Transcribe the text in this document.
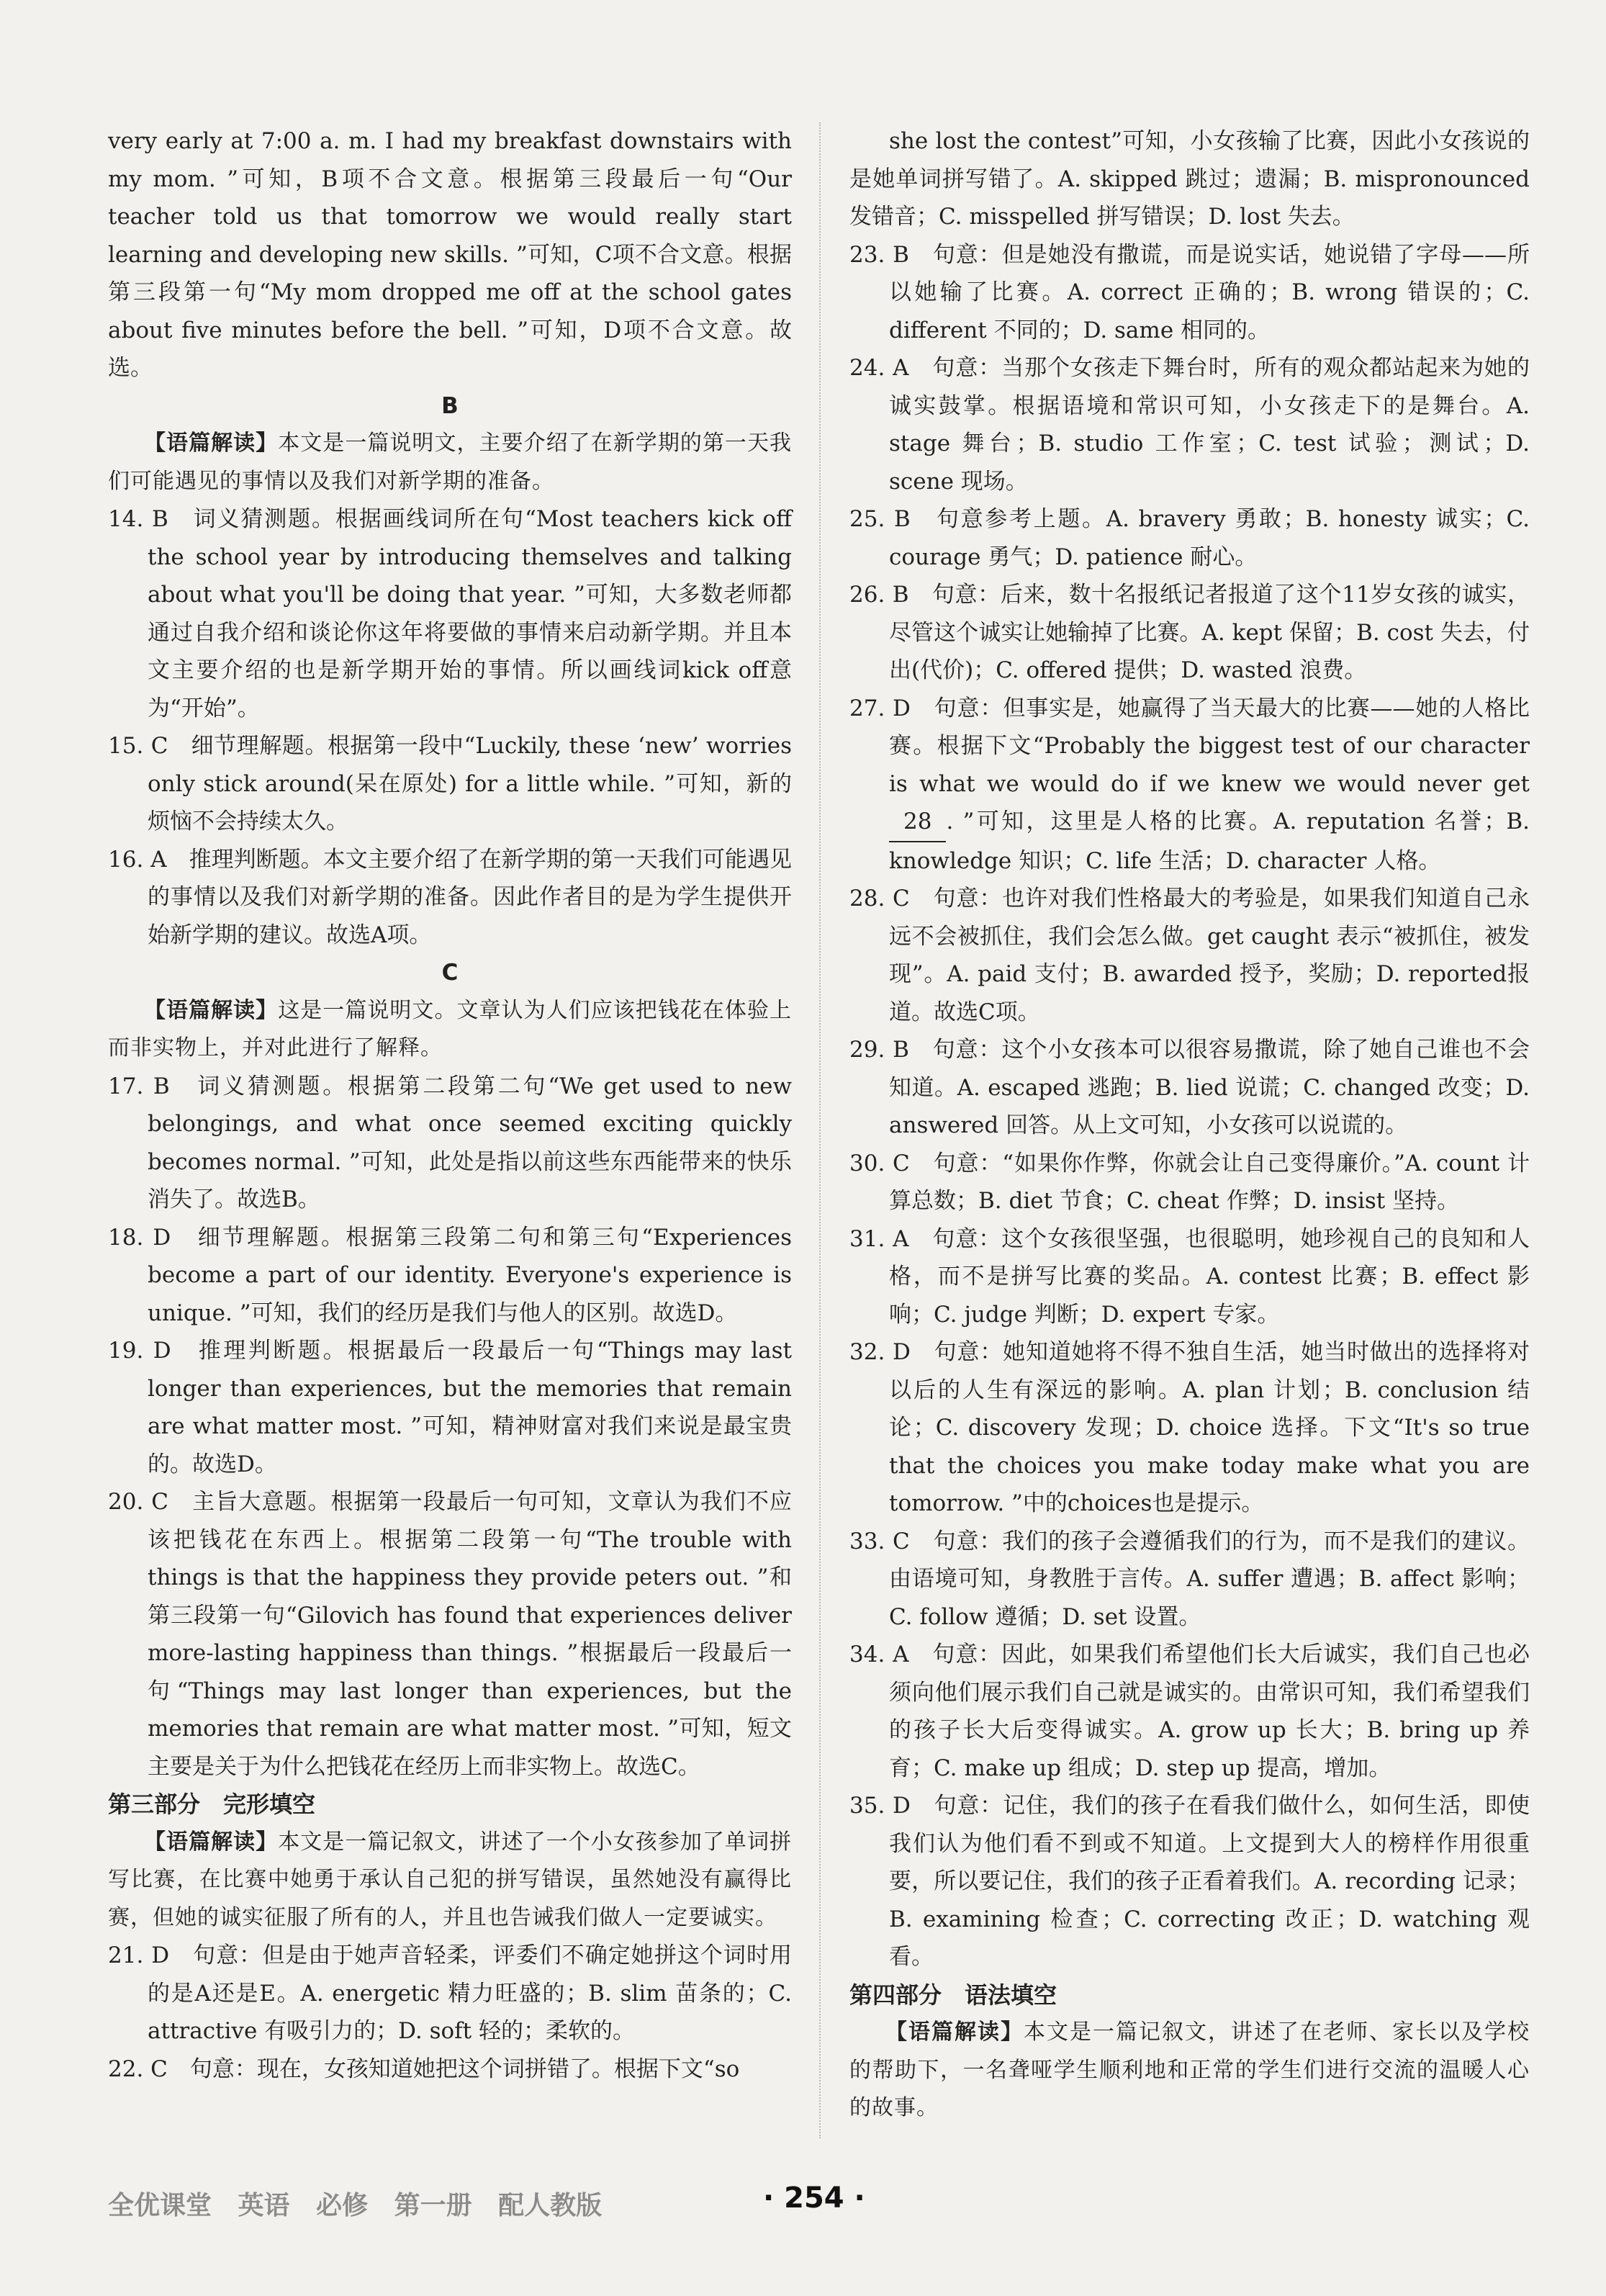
very early at 7:00 a. m. I had my breakfast downstairs with my mom. ”可知，B项不合文意。根据第三段最后一句“Our teacher told us that tomorrow we would really start learning and developing new skills. ”可知，C项不合文意。根据第三段第一句“My mom dropped me off at the school gates about five minutes before the bell. ”可知，D项不合文意。故选。

B

【语篇解读】本文是一篇说明文，主要介绍了在新学期的第一天我们可能遇见的事情以及我们对新学期的准备。

14. B　词义猜测题。根据画线词所在句“Most teachers kick off the school year by introducing themselves and talking about what you'll be doing that year. ”可知，大多数老师都通过自我介绍和谈论你这年将要做的事情来启动新学期。并且本文主要介绍的也是新学期开始的事情。所以画线词kick off意为“开始”。

15. C　细节理解题。根据第一段中“Luckily, these ‘new’ worries only stick around(呆在原处) for a little while. ”可知，新的烦恼不会持续太久。

16. A　推理判断题。本文主要介绍了在新学期的第一天我们可能遇见的事情以及我们对新学期的准备。因此作者目的是为学生提供开始新学期的建议。故选A项。

C

【语篇解读】这是一篇说明文。文章认为人们应该把钱花在体验上而非实物上，并对此进行了解释。

17. B　词义猜测题。根据第二段第二句“We get used to new belongings, and what once seemed exciting quickly becomes normal. ”可知，此处是指以前这些东西能带来的快乐消失了。故选B。

18. D　细节理解题。根据第三段第二句和第三句“Experiences become a part of our identity. Everyone's experience is unique. ”可知，我们的经历是我们与他人的区别。故选D。

19. D　推理判断题。根据最后一段最后一句“Things may last longer than experiences, but the memories that remain are what matter most. ”可知，精神财富对我们来说是最宝贵的。故选D。

20. C　主旨大意题。根据第一段最后一句可知，文章认为我们不应该把钱花在东西上。根据第二段第一句“The trouble with things is that the happiness they provide peters out. ”和第三段第一句“Gilovich has found that experiences deliver more-lasting happiness than things. ”根据最后一段最后一句“Things may last longer than experiences, but the memories that remain are what matter most. ”可知，短文主要是关于为什么把钱花在经历上而非实物上。故选C。

第三部分　完形填空

【语篇解读】本文是一篇记叙文，讲述了一个小女孩参加了单词拼写比赛，在比赛中她勇于承认自己犯的拼写错误，虽然她没有赢得比赛，但她的诚实征服了所有的人，并且也告诫我们做人一定要诚实。

21. D　句意：但是由于她声音轻柔，评委们不确定她拼这个词时用的是A还是E。A. energetic 精力旺盛的；B. slim 苗条的；C. attractive 有吸引力的；D. soft 轻的；柔软的。

22. C　句意：现在，女孩知道她把这个词拼错了。根据下文“so

she lost the contest”可知，小女孩输了比赛，因此小女孩说的是她单词拼写错了。A. skipped 跳过；遗漏；B. mispronounced 发错音；C. misspelled 拼写错误；D. lost 失去。

23. B　句意：但是她没有撒谎，而是说实话，她说错了字母——所以她输了比赛。A. correct 正确的；B. wrong 错误的；C. different 不同的；D. same 相同的。

24. A　句意：当那个女孩走下舞台时，所有的观众都站起来为她的诚实鼓掌。根据语境和常识可知，小女孩走下的是舞台。A. stage 舞台；B. studio 工作室；C. test 试验；测试；D. scene 现场。

25. B　句意参考上题。A. bravery 勇敢；B. honesty 诚实；C. courage 勇气；D. patience 耐心。

26. B　句意：后来，数十名报纸记者报道了这个11岁女孩的诚实，尽管这个诚实让她输掉了比赛。A. kept 保留；B. cost 失去，付出(代价)；C. offered 提供；D. wasted 浪费。

27. D　句意：但事实是，她赢得了当天最大的比赛——她的人格比赛。根据下文“Probably the biggest test of our character is what we would do if we knew we would never get 28 . ”可知，这里是人格的比赛。A. reputation 名誉；B. knowledge 知识；C. life 生活；D. character 人格。

28. C　句意：也许对我们性格最大的考验是，如果我们知道自己永远不会被抓住，我们会怎么做。get caught 表示“被抓住，被发现”。A. paid 支付；B. awarded 授予，奖励；D. reported报道。故选C项。

29. B　句意：这个小女孩本可以很容易撒谎，除了她自己谁也不会知道。A. escaped 逃跑；B. lied 说谎；C. changed 改变；D. answered 回答。从上文可知，小女孩可以说谎的。

30. C　句意：“如果你作弊，你就会让自己变得廉价。”A. count 计算总数；B. diet 节食；C. cheat 作弊；D. insist 坚持。

31. A　句意：这个女孩很坚强，也很聪明，她珍视自己的良知和人格，而不是拼写比赛的奖品。A. contest 比赛；B. effect 影响；C. judge 判断；D. expert 专家。

32. D　句意：她知道她将不得不独自生活，她当时做出的选择将对以后的人生有深远的影响。A. plan 计划；B. conclusion 结论；C. discovery 发现；D. choice 选择。下文“It's so true that the choices you make today make what you are tomorrow. ”中的choices也是提示。

33. C　句意：我们的孩子会遵循我们的行为，而不是我们的建议。由语境可知，身教胜于言传。A. suffer 遭遇；B. affect 影响；C. follow 遵循；D. set 设置。

34. A　句意：因此，如果我们希望他们长大后诚实，我们自己也必须向他们展示我们自己就是诚实的。由常识可知，我们希望我们的孩子长大后变得诚实。A. grow up 长大；B. bring up 养育；C. make up 组成；D. step up 提高，增加。

35. D　句意：记住，我们的孩子在看我们做什么，如何生活，即使我们认为他们看不到或不知道。上文提到大人的榜样作用很重要，所以要记住，我们的孩子正看着我们。A. recording 记录；B. examining 检查；C. correcting 改正；D. watching 观看。

第四部分　语法填空

【语篇解读】本文是一篇记叙文，讲述了在老师、家长以及学校的帮助下，一名聋哑学生顺利地和正常的学生们进行交流的温暖人心的故事。

全优课堂 英语 必修 第一册 配人教版	· 254 ·
